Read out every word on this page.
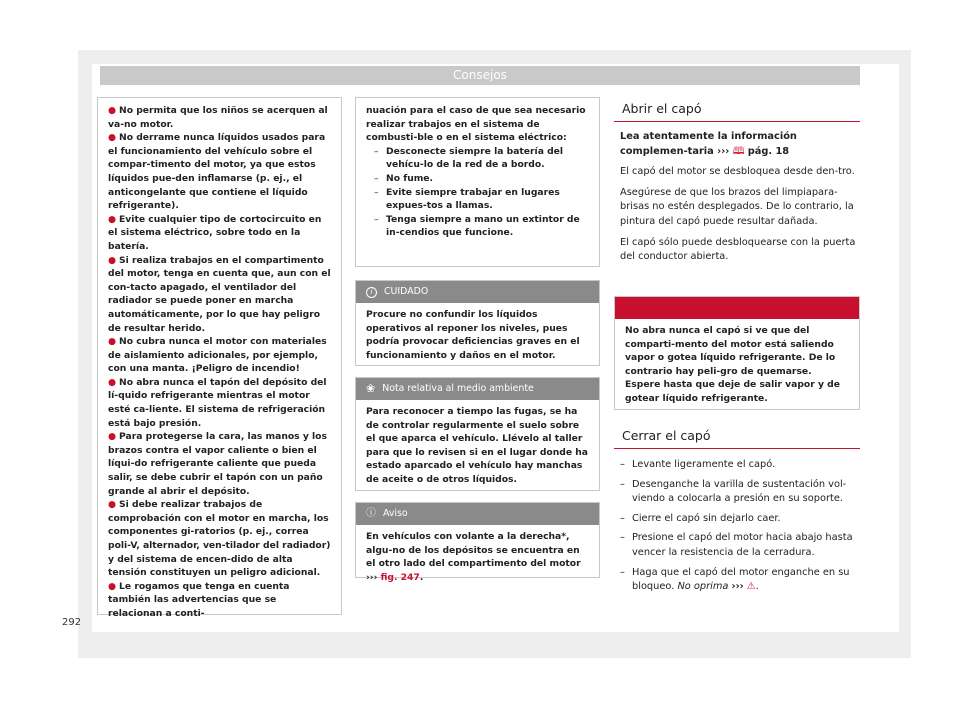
Consejos
● No permita que los niños se acerquen al va-no motor.
● No derrame nunca líquidos usados para el funcionamiento del vehículo sobre el compar-timento del motor, ya que estos líquidos pue-den inflamarse (p. ej., el anticongelante que contiene el líquido refrigerante).
● Evite cualquier tipo de cortocircuito en el sistema eléctrico, sobre todo en la batería.
● Si realiza trabajos en el compartimento del motor, tenga en cuenta que, aun con el con-tacto apagado, el ventilador del radiador se puede poner en marcha automáticamente, por lo que hay peligro de resultar herido.
● No cubra nunca el motor con materiales de aislamiento adicionales, por ejemplo, con una manta. ¡Peligro de incendio!
● No abra nunca el tapón del depósito del lí-quido refrigerante mientras el motor esté ca-liente. El sistema de refrigeración está bajo presión.
● Para protegerse la cara, las manos y los brazos contra el vapor caliente o bien el líqui-do refrigerante caliente que pueda salir, se debe cubrir el tapón con un paño grande al abrir el depósito.
● Si debe realizar trabajos de comprobación con el motor en marcha, los componentes gi-ratorios (p. ej., correa poli-V, alternador, ven-tilador del radiador) y del sistema de encen-dido de alta tensión constituyen un peligro adicional.
● Le rogamos que tenga en cuenta también las advertencias que se relacionan a conti-
nuación para el caso de que sea necesario realizar trabajos en el sistema de combusti-ble o en el sistema eléctrico:
– Desconecte siempre la batería del vehícu-lo de la red de a bordo.
– No fume.
– Evite siempre trabajar en lugares expues-tos a llamas.
– Tenga siempre a mano un extintor de in-cendios que funcione.
i	CUIDADO
Procure no confundir los líquidos operativos al reponer los niveles, pues podría provocar deficiencias graves en el funcionamiento y daños en el motor.
❀ Nota relativa al medio ambiente
Para reconocer a tiempo las fugas, se ha de controlar regularmente el suelo sobre el que aparca el vehículo. Llévelo al taller para que lo revisen si en el lugar donde ha estado aparcado el vehículo hay manchas de aceite o de otros líquidos.
ⓘ Aviso
En vehículos con volante a la derecha*, algu-no de los depósitos se encuentra en el otro lado del compartimento del motor ››› fig. 247.
Abrir el capó
Lea atentamente la información complemen-taria ››› 🕮 pág. 18
El capó del motor se desbloquea desde den-tro.
Asegúrese de que los brazos del limpiapara-brisas no estén desplegados. De lo contrario, la pintura del capó puede resultar dañada.
El capó sólo puede desbloquearse con la puerta del conductor abierta.
⚠ ATENCIÓN
No abra nunca el capó si ve que del comparti-mento del motor está saliendo vapor o gotea líquido refrigerante. De lo contrario hay peli-gro de quemarse. Espere hasta que deje de salir vapor y de gotear líquido refrigerante.
Cerrar el capó
– Levante ligeramente el capó.
– Desenganche la varilla de sustentación vol-viendo a colocarla a presión en su soporte.
– Cierre el capó sin dejarlo caer.
– Presione el capó del motor hacia abajo hasta vencer la resistencia de la cerradura.
– Haga que el capó del motor enganche en su bloqueo. No oprima ››› ⚠.
292
